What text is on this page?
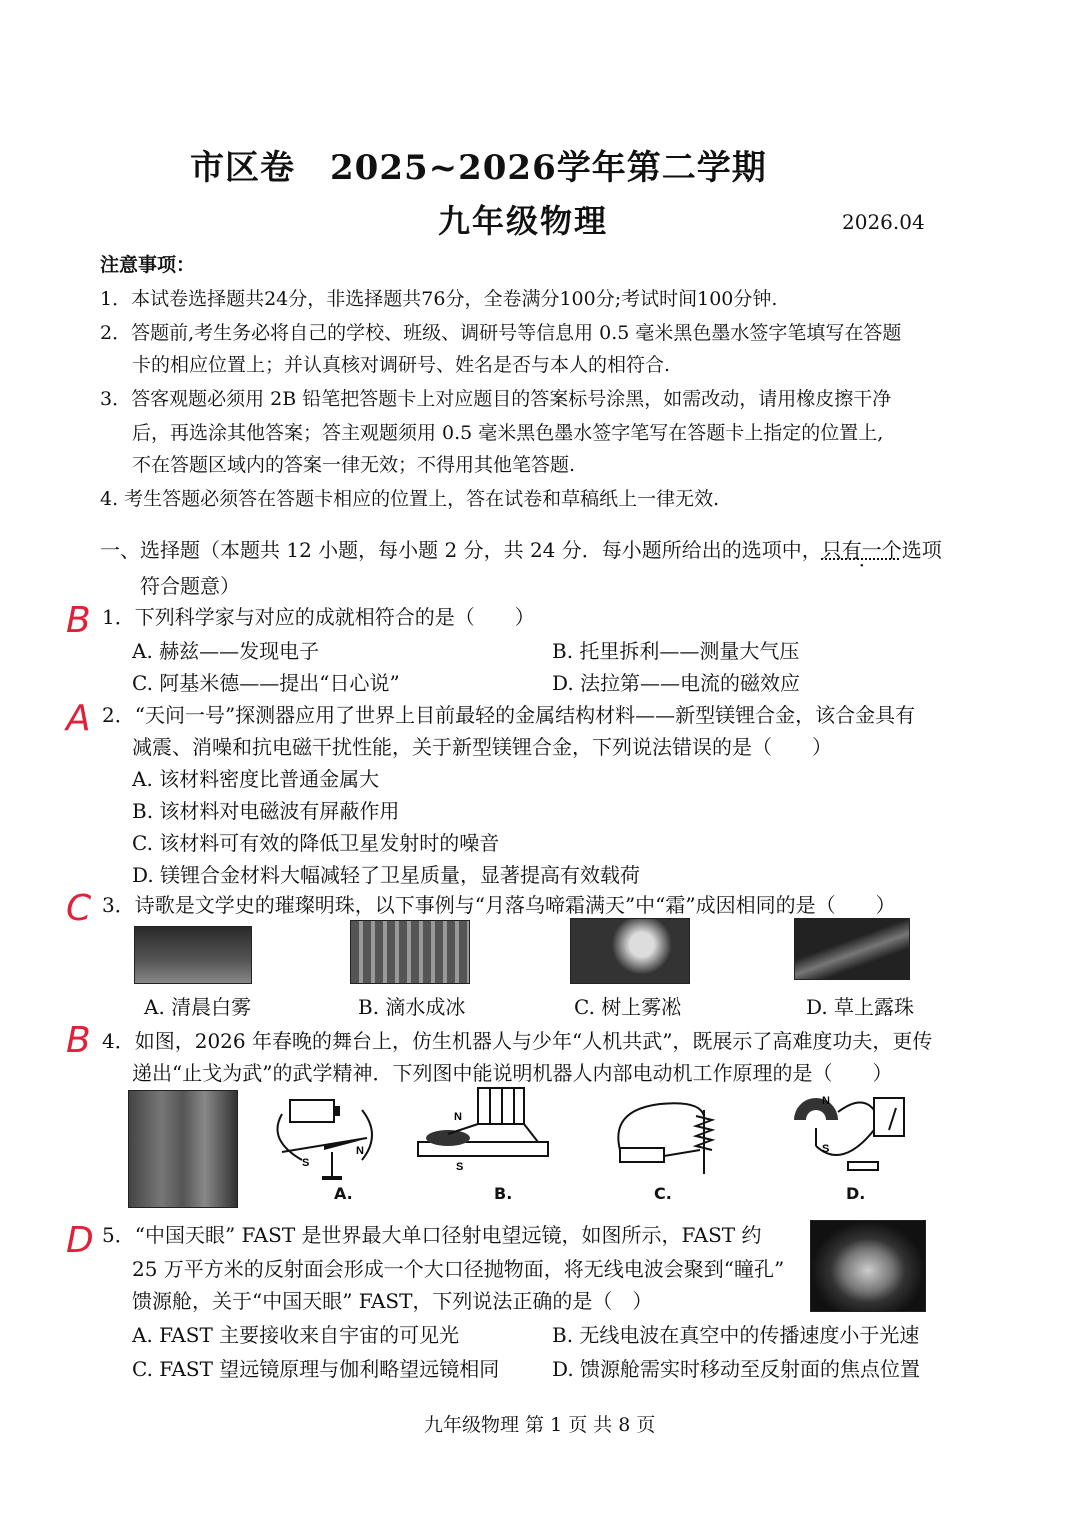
市区卷　2025~2026学年第二学期
九年级物理	2026.04
注意事项：
1．本试卷选择题共24分，非选择题共76分，全卷满分100分;考试时间100分钟.
2．答题前,考生务必将自己的学校、班级、调研号等信息用 0.5 毫米黑色墨水签字笔填写在答题
卡的相应位置上；并认真核对调研号、姓名是否与本人的相符合.
3．答客观题必须用 2B 铅笔把答题卡上对应题目的答案标号涂黑，如需改动，请用橡皮擦干净
后，再选涂其他答案；答主观题须用 0.5 毫米黑色墨水签字笔写在答题卡上指定的位置上,
不在答题区域内的答案一律无效；不得用其他笔答题.
4. 考生答题必须答在答题卡相应的位置上，答在试卷和草稿纸上一律无效.
一、选择题（本题共 12 小题，每小题 2 分，共 24 分．每小题所给出的选项中，只有一个选项
符合题意）
B
A
C
B
D
1．下列科学家与对应的成就相符合的是（　　）
A. 赫兹——发现电子	B. 托里拆利——测量大气压
C. 阿基米德——提出“日心说”	D. 法拉第——电流的磁效应
2．“天问一号”探测器应用了世界上目前最轻的金属结构材料——新型镁锂合金，该合金具有
减震、消噪和抗电磁干扰性能，关于新型镁锂合金，下列说法错误的是（　　）
A. 该材料密度比普通金属大
B. 该材料对电磁波有屏蔽作用
C. 该材料可有效的降低卫星发射时的噪音
D. 镁锂合金材料大幅减轻了卫星质量，显著提高有效载荷
3．诗歌是文学史的璀璨明珠，以下事例与“月落乌啼霜满天”中“霜”成因相同的是（　　）
A. 清晨白雾	B. 滴水成冰	C. 树上雾凇	D. 草上露珠
4．如图，2026 年春晚的舞台上，仿生机器人与少年“人机共武”，既展示了高难度功夫，更传
递出“止戈为武”的武学精神．下列图中能说明机器人内部电动机工作原理的是（　　）
S
N
N
S
N
S
A.	B.	C.	D.
5．“中国天眼” FAST 是世界最大单口径射电望远镜，如图所示，FAST 约
25 万平方米的反射面会形成一个大口径抛物面，将无线电波会聚到“瞳孔”
馈源舱，关于“中国天眼” FAST，下列说法正确的是（　）
A. FAST 主要接收来自宇宙的可见光	B. 无线电波在真空中的传播速度小于光速
C. FAST 望远镜原理与伽利略望远镜相同	D. 馈源舱需实时移动至反射面的焦点位置
九年级物理 第 1 页 共 8 页
